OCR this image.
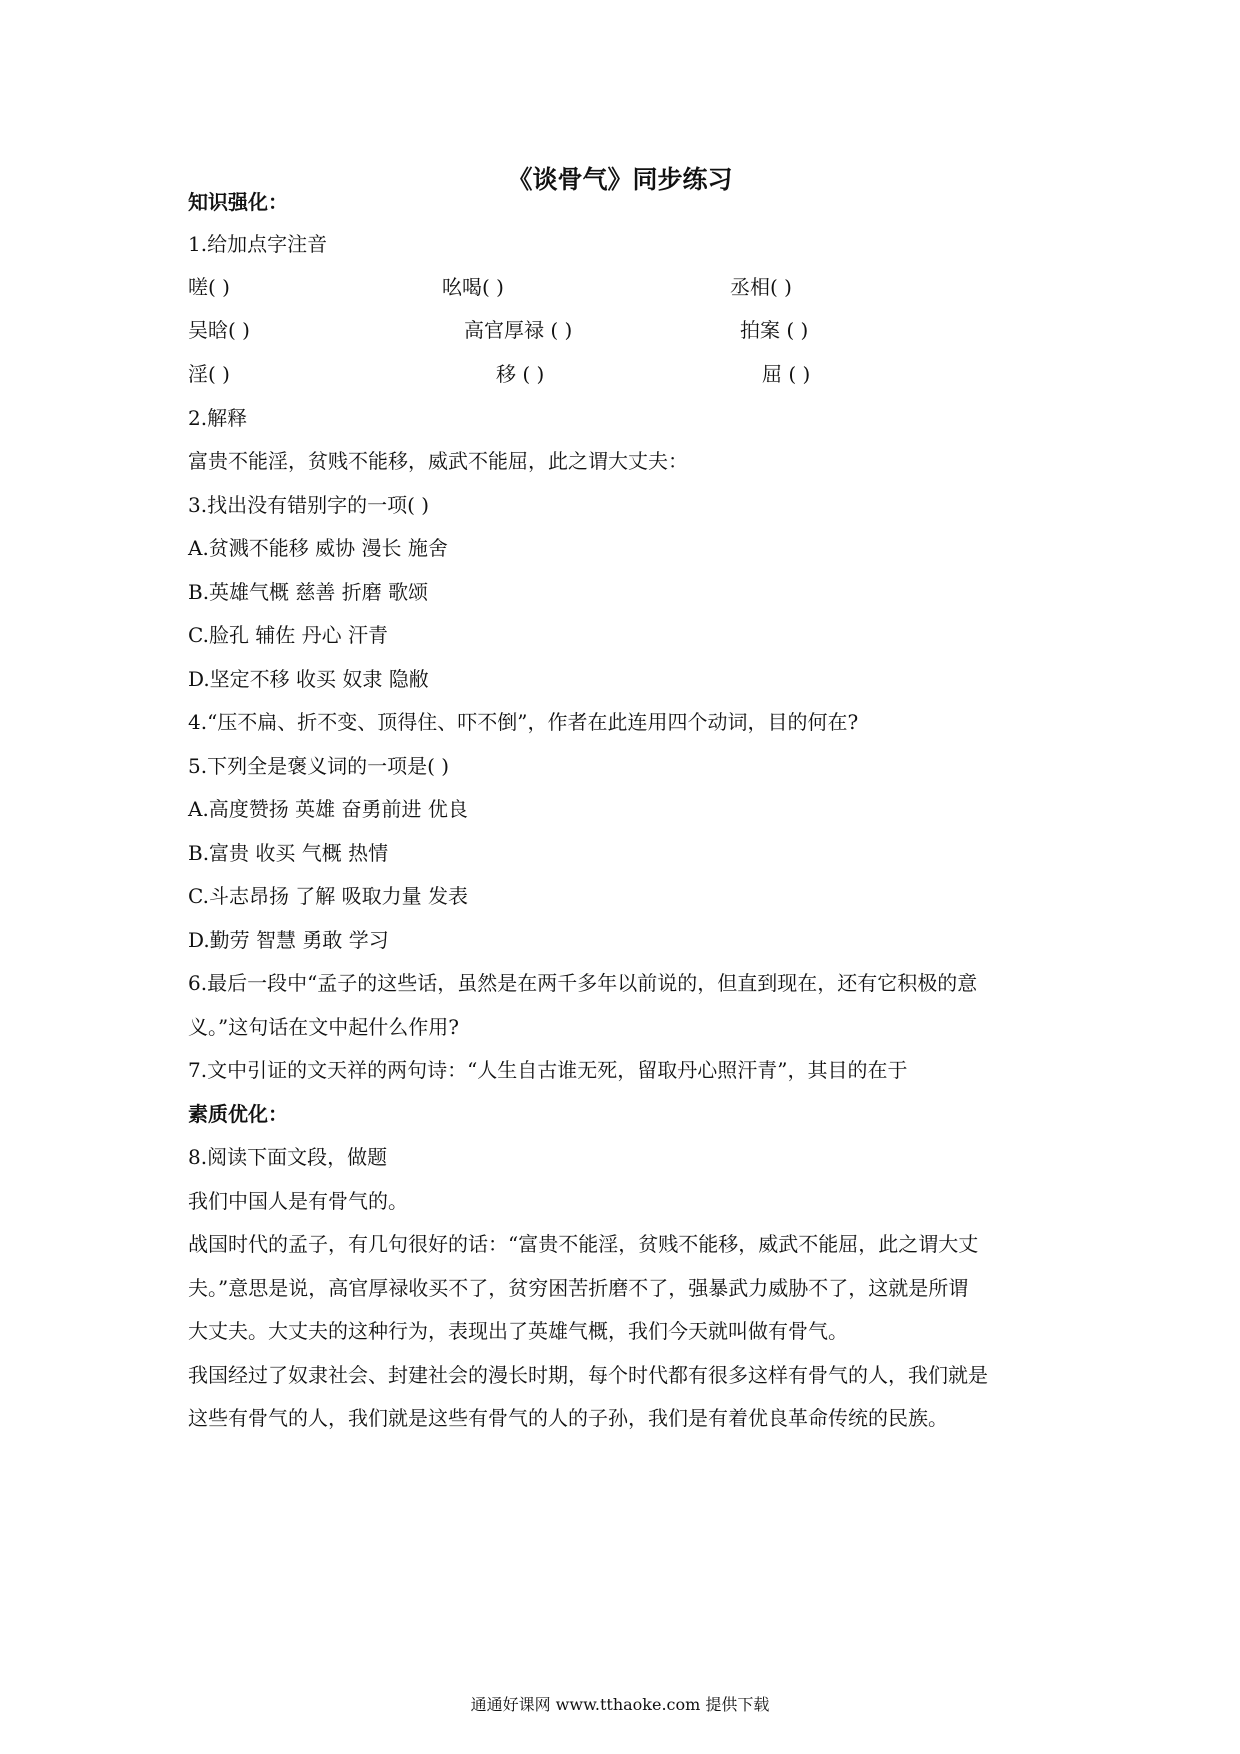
《谈骨气》同步练习
知识强化：
1.给加点字注音
嗟( )	吆喝( )	丞相( )
吴晗( )	高官厚禄 ( )	拍案 ( )
淫( )	移 ( )	屈 ( )
2.解释
富贵不能淫，贫贱不能移，威武不能屈，此之谓大丈夫：
3.找出没有错别字的一项( )
A.贫溅不能移 威协 漫长 施舍
B.英雄气概 慈善 折磨 歌颂
C.脸孔 辅佐 丹心 汗青
D.坚定不移 收买 奴隶 隐敝
4.“压不扁、折不变、顶得住、吓不倒”，作者在此连用四个动词，目的何在?
5.下列全是褒义词的一项是( )
A.高度赞扬 英雄 奋勇前进 优良
B.富贵 收买 气概 热情
C.斗志昂扬 了解 吸取力量 发表
D.勤劳 智慧 勇敢 学习
6.最后一段中“孟子的这些话，虽然是在两千多年以前说的，但直到现在，还有它积极的意
义。”这句话在文中起什么作用?
7.文中引证的文天祥的两句诗：“人生自古谁无死，留取丹心照汗青”，其目的在于
素质优化：
8.阅读下面文段，做题
我们中国人是有骨气的。
战国时代的孟子，有几句很好的话：“富贵不能淫，贫贱不能移，威武不能屈，此之谓大丈
夫。”意思是说，高官厚禄收买不了，贫穷困苦折磨不了，强暴武力威胁不了，这就是所谓
大丈夫。大丈夫的这种行为，表现出了英雄气概，我们今天就叫做有骨气。
我国经过了奴隶社会、封建社会的漫长时期，每个时代都有很多这样有骨气的人，我们就是
这些有骨气的人，我们就是这些有骨气的人的子孙，我们是有着优良革命传统的民族。
通通好课网 www.tthaoke.com 提供下载
